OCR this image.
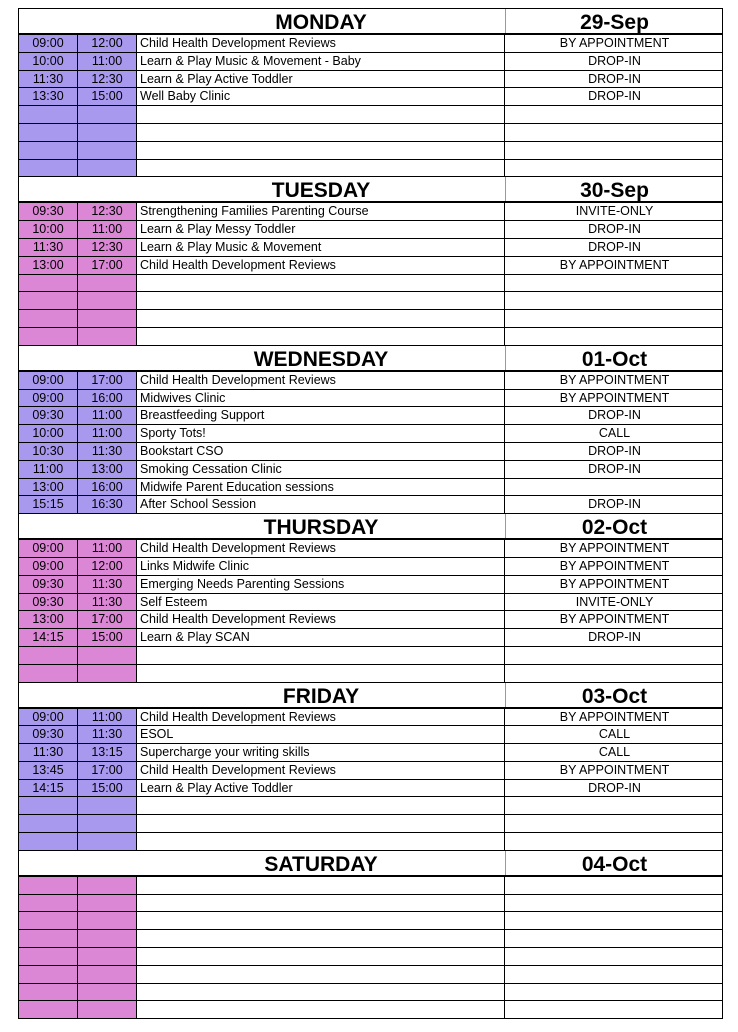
MONDAY	29-Sep
09:00	12:00	Child Health Development Reviews	BY APPOINTMENT
10:00	11:00	Learn & Play Music & Movement - Baby	DROP-IN
11:30	12:30	Learn & Play Active Toddler	DROP-IN
13:30	15:00	Well Baby Clinic	DROP-IN
TUESDAY	30-Sep
09:30	12:30	Strengthening Families Parenting Course	INVITE-ONLY
10:00	11:00	Learn & Play Messy Toddler	DROP-IN
11:30	12:30	Learn & Play Music & Movement	DROP-IN
13:00	17:00	Child Health Development Reviews	BY APPOINTMENT
WEDNESDAY	01-Oct
09:00	17:00	Child Health Development Reviews	BY APPOINTMENT
09:00	16:00	Midwives Clinic	BY APPOINTMENT
09:30	11:00	Breastfeeding Support	DROP-IN
10:00	11:00	Sporty Tots!	CALL
10:30	11:30	Bookstart CSO	DROP-IN
11:00	13:00	Smoking Cessation Clinic	DROP-IN
13:00	16:00	Midwife Parent Education sessions
15:15	16:30	After School Session	DROP-IN
THURSDAY	02-Oct
09:00	11:00	Child Health Development Reviews	BY APPOINTMENT
09:00	12:00	Links Midwife Clinic	BY APPOINTMENT
09:30	11:30	Emerging Needs Parenting Sessions	BY APPOINTMENT
09:30	11:30	Self Esteem	INVITE-ONLY
13:00	17:00	Child Health Development Reviews	BY APPOINTMENT
14:15	15:00	Learn & Play SCAN	DROP-IN
FRIDAY	03-Oct
09:00	11:00	Child Health Development Reviews	BY APPOINTMENT
09:30	11:30	ESOL	CALL
11:30	13:15	Supercharge your writing skills	CALL
13:45	17:00	Child Health Development Reviews	BY APPOINTMENT
14:15	15:00	Learn & Play Active Toddler	DROP-IN
SATURDAY	04-Oct
